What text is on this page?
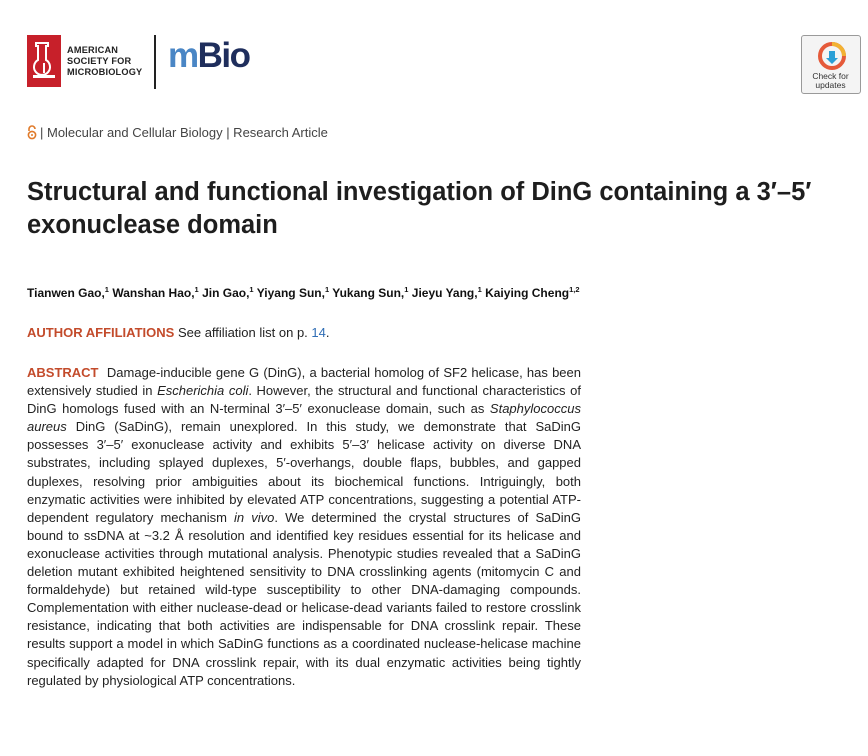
AMERICAN
SOCIETY FOR
MICROBIOLOGY mBio
Check for
updates
| Molecular and Cellular Biology | Research Article
Structural and functional investigation of DinG containing a 3′–5′ exonuclease domain
Tianwen Gao,$^1$ Wanshan Hao,$^1$ Jin Gao,$^1$ Yiyang Sun,$^1$ Yukang Sun,$^1$ Jieyu Yang,$^1$ Kaiying Cheng$^{1,2}$
AUTHOR AFFILIATIONS See affiliation list on p. 14.
ABSTRACT Damage-inducible gene G (DinG), a bacterial homolog of SF2 helicase, has been extensively studied in Escherichia coli. However, the structural and functional characteristics of DinG homologs fused with an N-terminal 3′–5′ exonuclease domain, such as Staphylococcus aureus DinG (SaDinG), remain unexplored. In this study, we demonstrate that SaDinG possesses 3′–5′ exonuclease activity and exhibits 5′–3′ helicase activity on diverse DNA substrates, including splayed duplexes, 5′-overhangs, double flaps, bubbles, and gapped duplexes, resolving prior ambiguities about its biochemical functions. Intriguingly, both enzymatic activities were inhibited by elevated ATP concentrations, suggesting a potential ATP-dependent regulatory mechanism in vivo. We determined the crystal structures of SaDinG bound to ssDNA at ~3.2 Å resolution and identified key residues essential for its helicase and exonuclease activities through mutational analysis. Phenotypic studies revealed that a SaDinG deletion mutant exhibited heightened sensitivity to DNA crosslinking agents (mitomycin C and formaldehyde) but retained wild-type susceptibility to other DNA-damaging compounds. Complementation with either nuclease-dead or helicase-dead variants failed to restore crosslink resistance, indicating that both activities are indispensable for DNA crosslink repair. These results support a model in which SaDinG functions as a coordinated nuclease-helicase machine specifically adapted for DNA crosslink repair, with its dual enzymatic activities being tightly regulated by physiological ATP concentrations.
